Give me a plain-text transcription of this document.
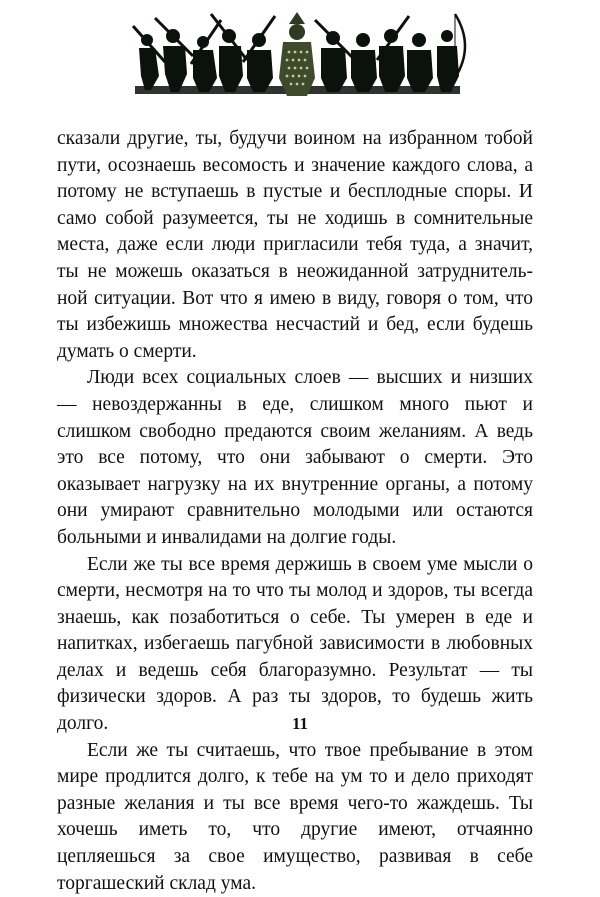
сказали другие, ты, будучи воином на избранном тобой пути, осознаешь весомость и значение каждого слова, а потому не вступаешь в пустые и бесплодные споры. И само собой разумеется, ты не ходишь в сомнительные места, даже если люди пригласили тебя туда, а значит, ты не можешь оказаться в неожиданной затруднительной ситуации. Вот что я имею в виду, говоря о том, что ты избежишь множества несчастий и бед, если будешь думать о смерти.

Люди всех социальных слоев — высших и низших — невоздержанны в еде, слишком много пьют и слишком свободно предаются своим желаниям. А ведь это все потому, что они забывают о смерти. Это оказывает нагрузку на их внутренние органы, а потому они умирают сравнительно молодыми или остаются больными и инвалидами на долгие годы.

Если же ты все время держишь в своем уме мысли о смерти, несмотря на то что ты молод и здоров, ты всегда знаешь, как позаботиться о себе. Ты умерен в еде и напитках, избегаешь пагубной зависимости в любовных делах и ведешь себя благоразумно. Результат — ты физически здоров. А раз ты здоров, то будешь жить долго.

Если же ты считаешь, что твое пребывание в этом мире продлится долго, к тебе на ум то и дело приходят разные желания и ты все время чего-то жаждешь. Ты хочешь иметь то, что другие имеют, отчаянно цепляешься за свое имущество, развивая в себе торгашеский склад ума.

11
